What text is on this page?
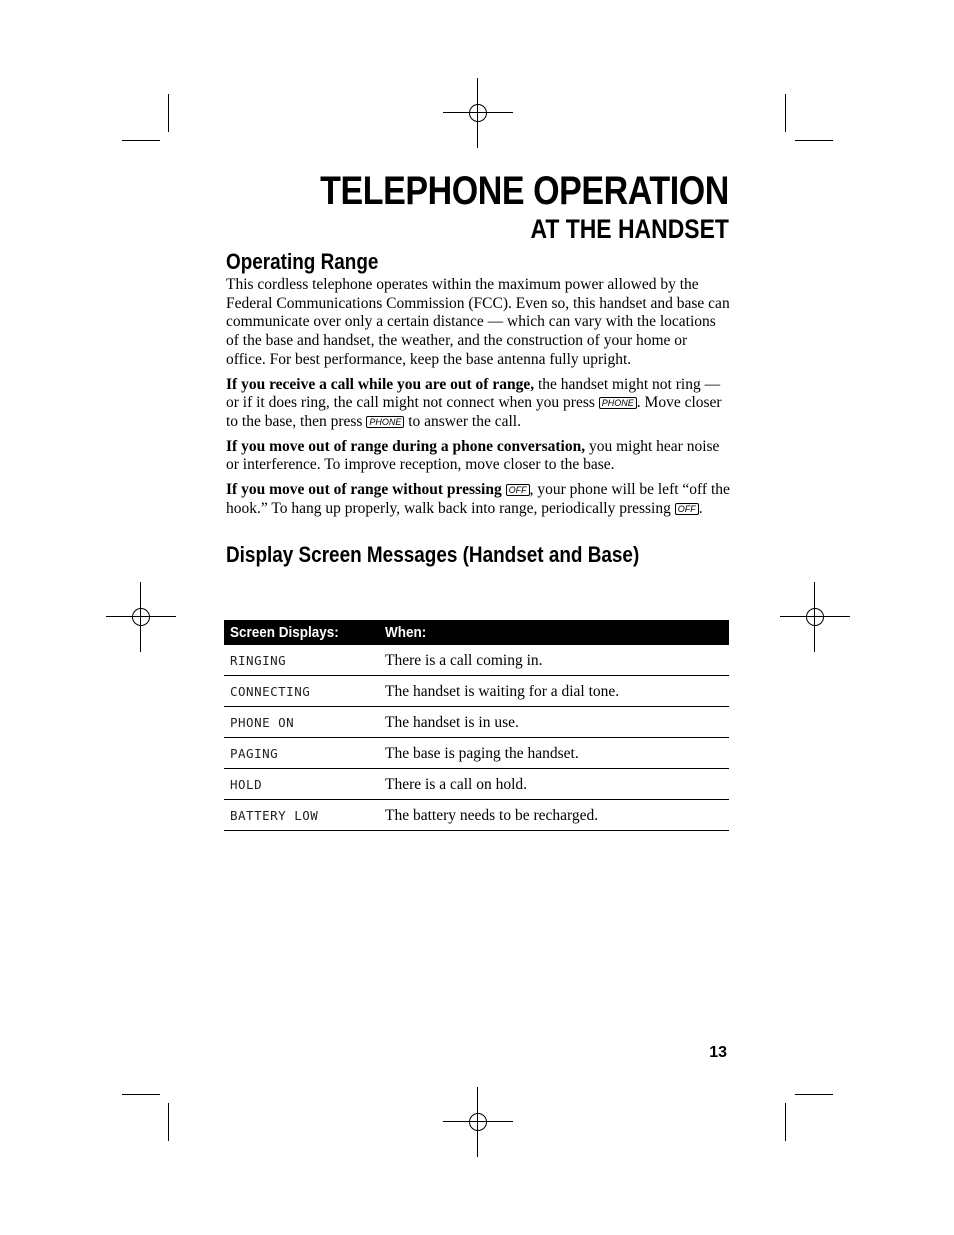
TELEPHONE OPERATION
AT THE HANDSET
Operating Range

This cordless telephone operates within the maximum power allowed by the Federal Communications Commission (FCC). Even so, this handset and base can communicate over only a certain distance — which can vary with the locations of the base and handset, the weather, and the construction of your home or office. For best performance, keep the base antenna fully upright.

If you receive a call while you are out of range, the handset might not ring — or if it does ring, the call might not connect when you press PHONE . Move closer to the base, then press PHONE to answer the call.

If you move out of range during a phone conversation, you might hear noise or interference. To improve reception, move closer to the base.

If you move out of range without pressing OFF , your phone will be left “off the hook.” To hang up properly, walk back into range, periodically pressing OFF .

Display Screen Messages (Handset and Base)
Screen Displays:	When:
RINGING	There is a call coming in.
CONNECTING	The handset is waiting for a dial tone.
PHONE ON	The handset is in use.
PAGING	The base is paging the handset.
HOLD	There is a call on hold.
BATTERY LOW	The battery needs to be recharged.
13
